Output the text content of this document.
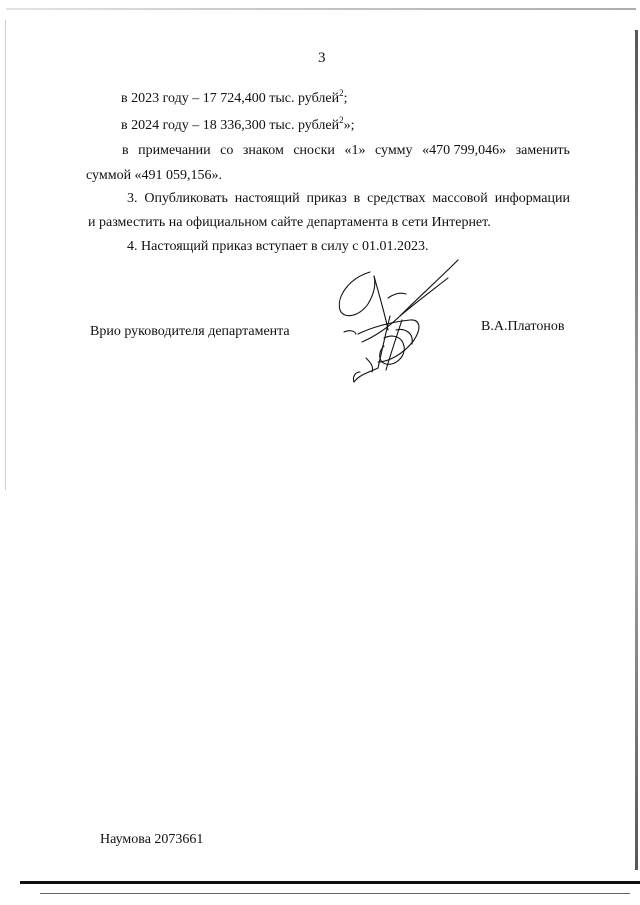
3
в 2023 году – 17 724,400 тыс. рублей$^2$;
в 2024 году – 18 336,300 тыс. рублей$^2$»;
в примечании со знаком сноски «1» сумму «470 799,046» заменить
суммой «491 059,156».
3. Опубликовать настоящий приказ в средствах массовой информации
и разместить на официальном сайте департамента в сети Интернет.
4. Настоящий приказ вступает в силу с 01.01.2023.
Врио руководителя департамента	В.А.Платонов
Наумова 2073661
